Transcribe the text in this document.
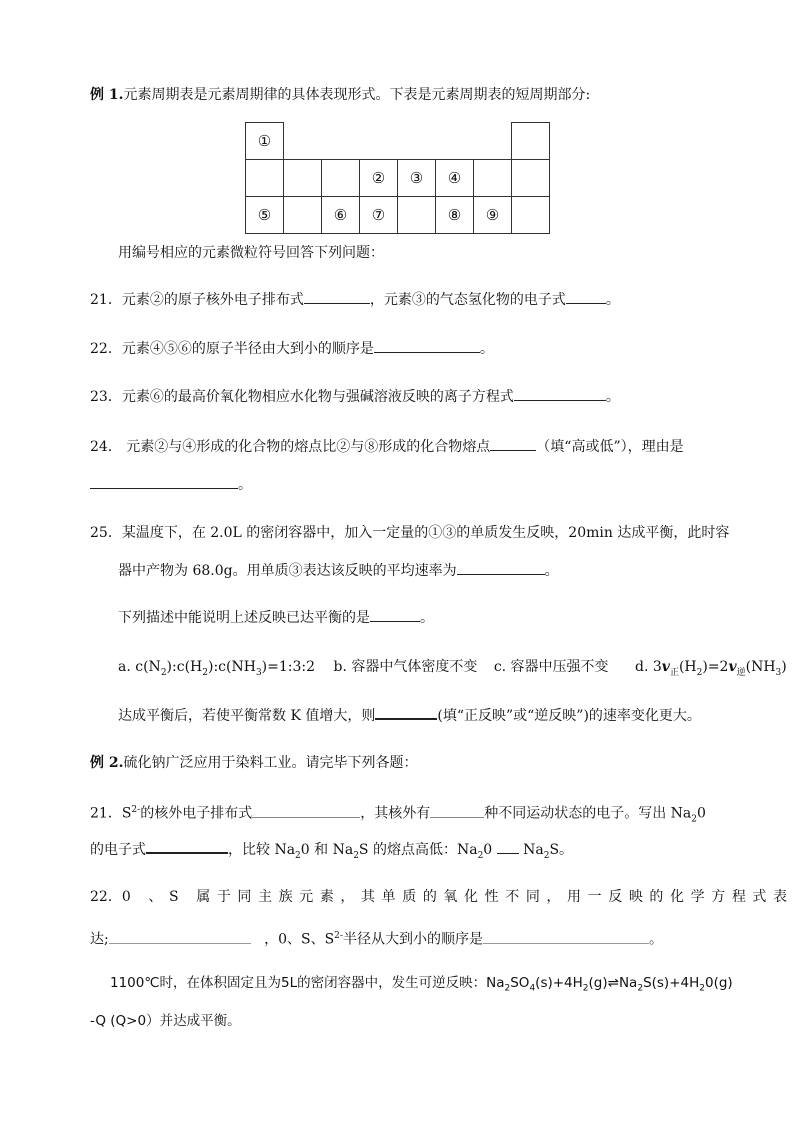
例 1.元素周期表是元素周期律的具体表现形式。下表是元素周期表的短周期部分:
①							
			②	③	④		
⑤		⑥	⑦		⑧	⑨	
用编号相应的元素微粒符号回答下列问题：
21．元素②的原子核外电子排布式	，元素③的气态氢化物的电子式	。
22．元素④⑤⑥的原子半径由大到小的顺序是	。
23．元素⑥的最高价氧化物相应水化物与强碱溶液反映的离子方程式	。
24． 元素②与④形成的化合物的熔点比②与⑧形成的化合物熔点	（填“高或低”），理由是
。
25．某温度下，在 2.0L 的密闭容器中，加入一定量的①③的单质发生反映，20min 达成平衡，此时容
器中产物为 68.0g。用单质③表达该反映的平均速率为	。
下列描述中能说明上述反映已达平衡的是	。
a. $c(N_2):c(H_2):c(NH_3)=1:3:2$ b. 容器中气体密度不变 c. 容器中压强不变 d. $3v_正(H_2)=2v_逆(NH_3)$
达成平衡后，若使平衡常数 K 值增大，则	(填“正反映”或“逆反映”)的速率变化更大。
例 2.硫化钠广泛应用于染料工业。请完毕下列各题：
21．$S^{2-}$的核外电子排布式	，其核外有	种不同运动状态的电子。写出 $Na_20$
的电子式	，比较 $Na_20$ 和 $Na_2S$ 的熔点高低：$Na_20$ $Na_2S$。
22．0 、S 属于同主族元素，其单质的氧化性不同，用一反映的化学方程式表
达;	，0、S、$S^{2-}$半径从大到小的顺序是	。
1100℃时，在体积固定且为5L的密闭容器中，发生可逆反映：$Na_2SO_4(s)+4H_2(g)\rightleftharpoons Na_2S(s)+4H_20(g)$
-Q (Q>0）并达成平衡。
